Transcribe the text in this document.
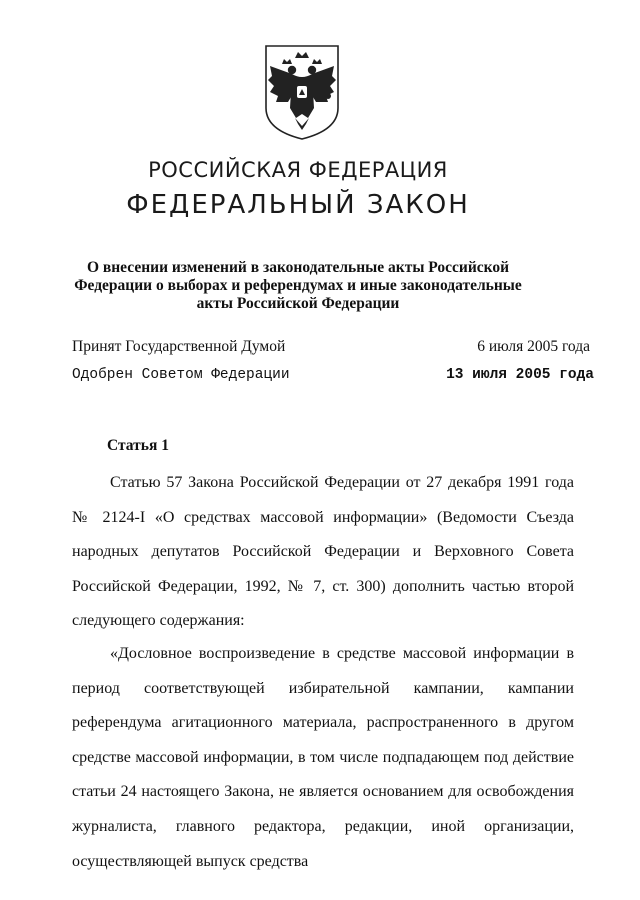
РОССИЙСКАЯ ФЕДЕРАЦИЯ
ФЕДЕРАЛЬНЫЙ ЗАКОН
О внесении изменений в законодательные акты Российской Федерации о выборах и референдумах и иные законодательные акты Российской Федерации
Принят Государственной Думой	6 июля 2005 года
Одобрен Советом Федерации	13 июля 2005 года
Статья 1

Статью 57 Закона Российской Федерации от 27 декабря 1991 года № 2124-I «О средствах массовой информации» (Ведомости Съезда народных депутатов Российской Федерации и Верховного Совета Российской Федерации, 1992, № 7, ст. 300) дополнить частью второй следующего содержания:

«Дословное воспроизведение в средстве массовой информации в период соответствующей избирательной кампании, кампании референдума агитационного материала, распространенного в другом средстве массовой информации, в том числе подпадающем под действие статьи 24 настоящего Закона, не является основанием для освобождения журналиста, главного редактора, редакции, иной организации, осуществляющей выпуск средства
